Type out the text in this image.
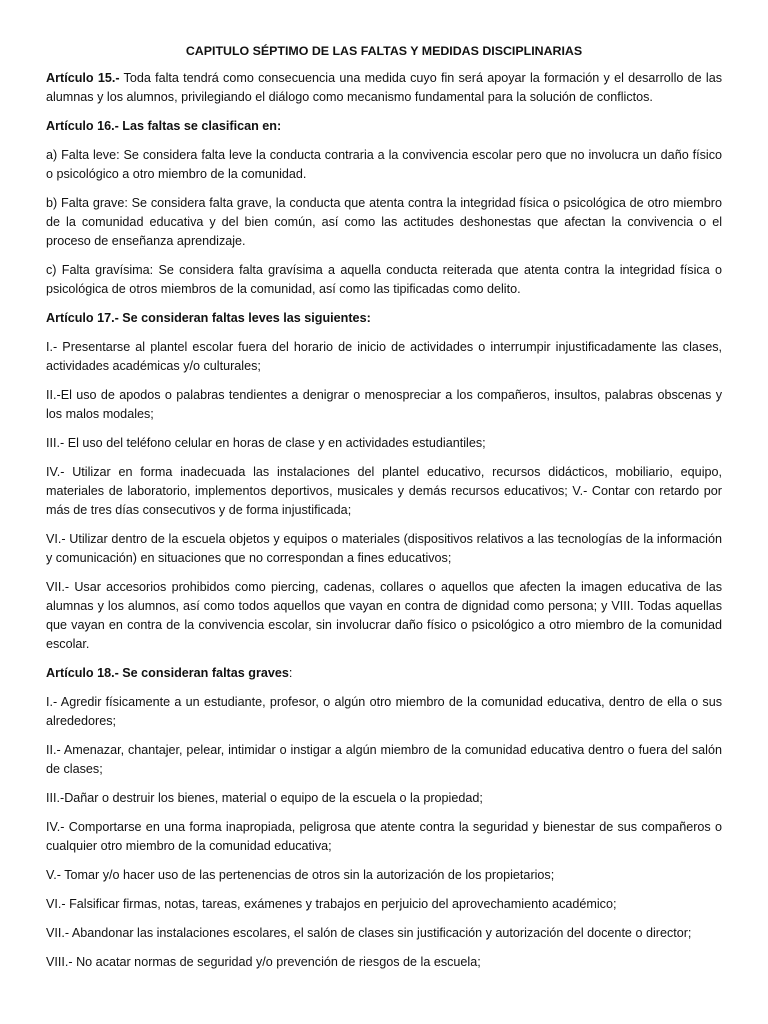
CAPITULO SÉPTIMO DE LAS FALTAS Y MEDIDAS DISCIPLINARIAS

Artículo 15.- Toda falta tendrá como consecuencia una medida cuyo fin será apoyar la formación y el desarrollo de las alumnas y los alumnos, privilegiando el diálogo como mecanismo fundamental para la solución de conflictos.

Artículo 16.- Las faltas se clasifican en:

a) Falta leve: Se considera falta leve la conducta contraria a la convivencia escolar pero que no involucra un daño físico o psicológico a otro miembro de la comunidad.

b) Falta grave: Se considera falta grave, la conducta que atenta contra la integridad física o psicológica de otro miembro de la comunidad educativa y del bien común, así como las actitudes deshonestas que afectan la convivencia o el proceso de enseñanza aprendizaje.

c) Falta gravísima: Se considera falta gravísima a aquella conducta reiterada que atenta contra la integridad física o psicológica de otros miembros de la comunidad, así como las tipificadas como delito.

Artículo 17.- Se consideran faltas leves las siguientes:

I.- Presentarse al plantel escolar fuera del horario de inicio de actividades o interrumpir injustificadamente las clases, actividades académicas y/o culturales;

II.-El uso de apodos o palabras tendientes a denigrar o menospreciar a los compañeros, insultos, palabras obscenas y los malos modales;

III.- El uso del teléfono celular en horas de clase y en actividades estudiantiles;

IV.- Utilizar en forma inadecuada las instalaciones del plantel educativo, recursos didácticos, mobiliario, equipo, materiales de laboratorio, implementos deportivos, musicales y demás recursos educativos; V.- Contar con retardo por más de tres días consecutivos y de forma injustificada;

VI.- Utilizar dentro de la escuela objetos y equipos o materiales (dispositivos relativos a las tecnologías de la información y comunicación) en situaciones que no correspondan a fines educativos;

VII.- Usar accesorios prohibidos como piercing, cadenas, collares o aquellos que afecten la imagen educativa de las alumnas y los alumnos, así como todos aquellos que vayan en contra de dignidad como persona; y VIII. Todas aquellas que vayan en contra de la convivencia escolar, sin involucrar daño físico o psicológico a otro miembro de la comunidad escolar.

Artículo 18.- Se consideran faltas graves:

I.- Agredir físicamente a un estudiante, profesor, o algún otro miembro de la comunidad educativa, dentro de ella o sus alrededores;

II.- Amenazar, chantajer, pelear, intimidar o instigar a algún miembro de la comunidad educativa dentro o fuera del salón de clases;

III.-Dañar o destruir los bienes, material o equipo de la escuela o la propiedad;

IV.- Comportarse en una forma inapropiada, peligrosa que atente contra la seguridad y bienestar de sus compañeros o cualquier otro miembro de la comunidad educativa;

V.- Tomar y/o hacer uso de las pertenencias de otros sin la autorización de los propietarios;

VI.- Falsificar firmas, notas, tareas, exámenes y trabajos en perjuicio del aprovechamiento académico;

VII.- Abandonar las instalaciones escolares, el salón de clases sin justificación y autorización del docente o director;

VIII.- No acatar normas de seguridad y/o prevención de riesgos de la escuela;
